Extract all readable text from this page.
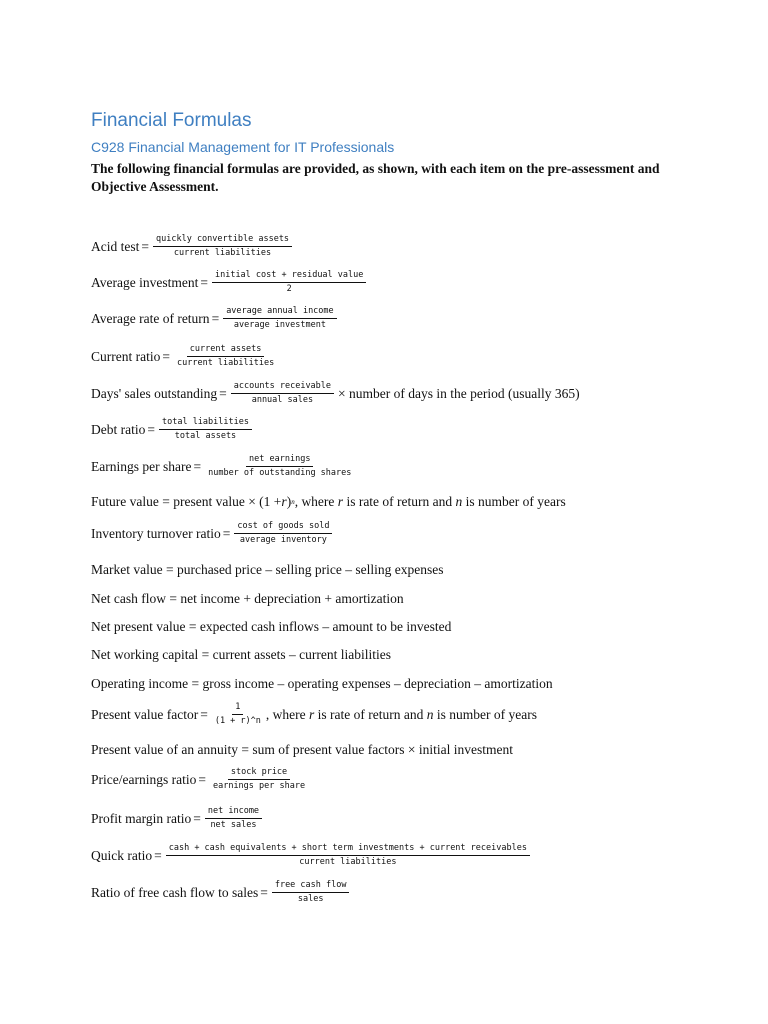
Financial Formulas
C928 Financial Management for IT Professionals
The following financial formulas are provided, as shown, with each item on the pre-assessment and Objective Assessment.
Acid test = $\frac{\text{quickly convertible assets}}{\text{current liabilities}}$
Average investment = $\frac{\text{initial cost + residual value}}{2}$
Average rate of return = $\frac{\text{average annual income}}{\text{average investment}}$
Current ratio = $\frac{\text{current assets}}{\text{current liabilities}}$
Days' sales outstanding = $\frac{\text{accounts receivable}}{\text{annual sales}}$ × number of days in the period (usually 365)
Debt ratio = $\frac{\text{total liabilities}}{\text{total assets}}$
Earnings per share = $\frac{\text{net earnings}}{\text{number of outstanding shares}}$
Future value = present value × (1 + r ) n , where
r
is rate of return and
n
is number of years
Inventory turnover ratio = $\frac{\text{cost of goods sold}}{\text{average inventory}}$
Market value = purchased price – selling price – selling expenses
Net cash flow = net income + depreciation + amortization
Net present value = expected cash inflows – amount to be invested
Net working capital = current assets – current liabilities
Operating income = gross income – operating expenses – depreciation – amortization
Present value factor = $\frac{1}{(1 + r)\^{}n}$ , where
r
is rate of return and
n
is number of years
Present value of an annuity = sum of present value factors × initial investment
Price/earnings ratio = $\frac{\text{stock price}}{\text{earnings per share}}$
Profit margin ratio = $\frac{\text{net income}}{\text{net sales}}$
Quick ratio = cash + cash equivalents + short term investments + current receivables
current liabilities
Ratio of free cash flow to sales = $\frac{\text{free cash flow}}{\text{sales}}$
